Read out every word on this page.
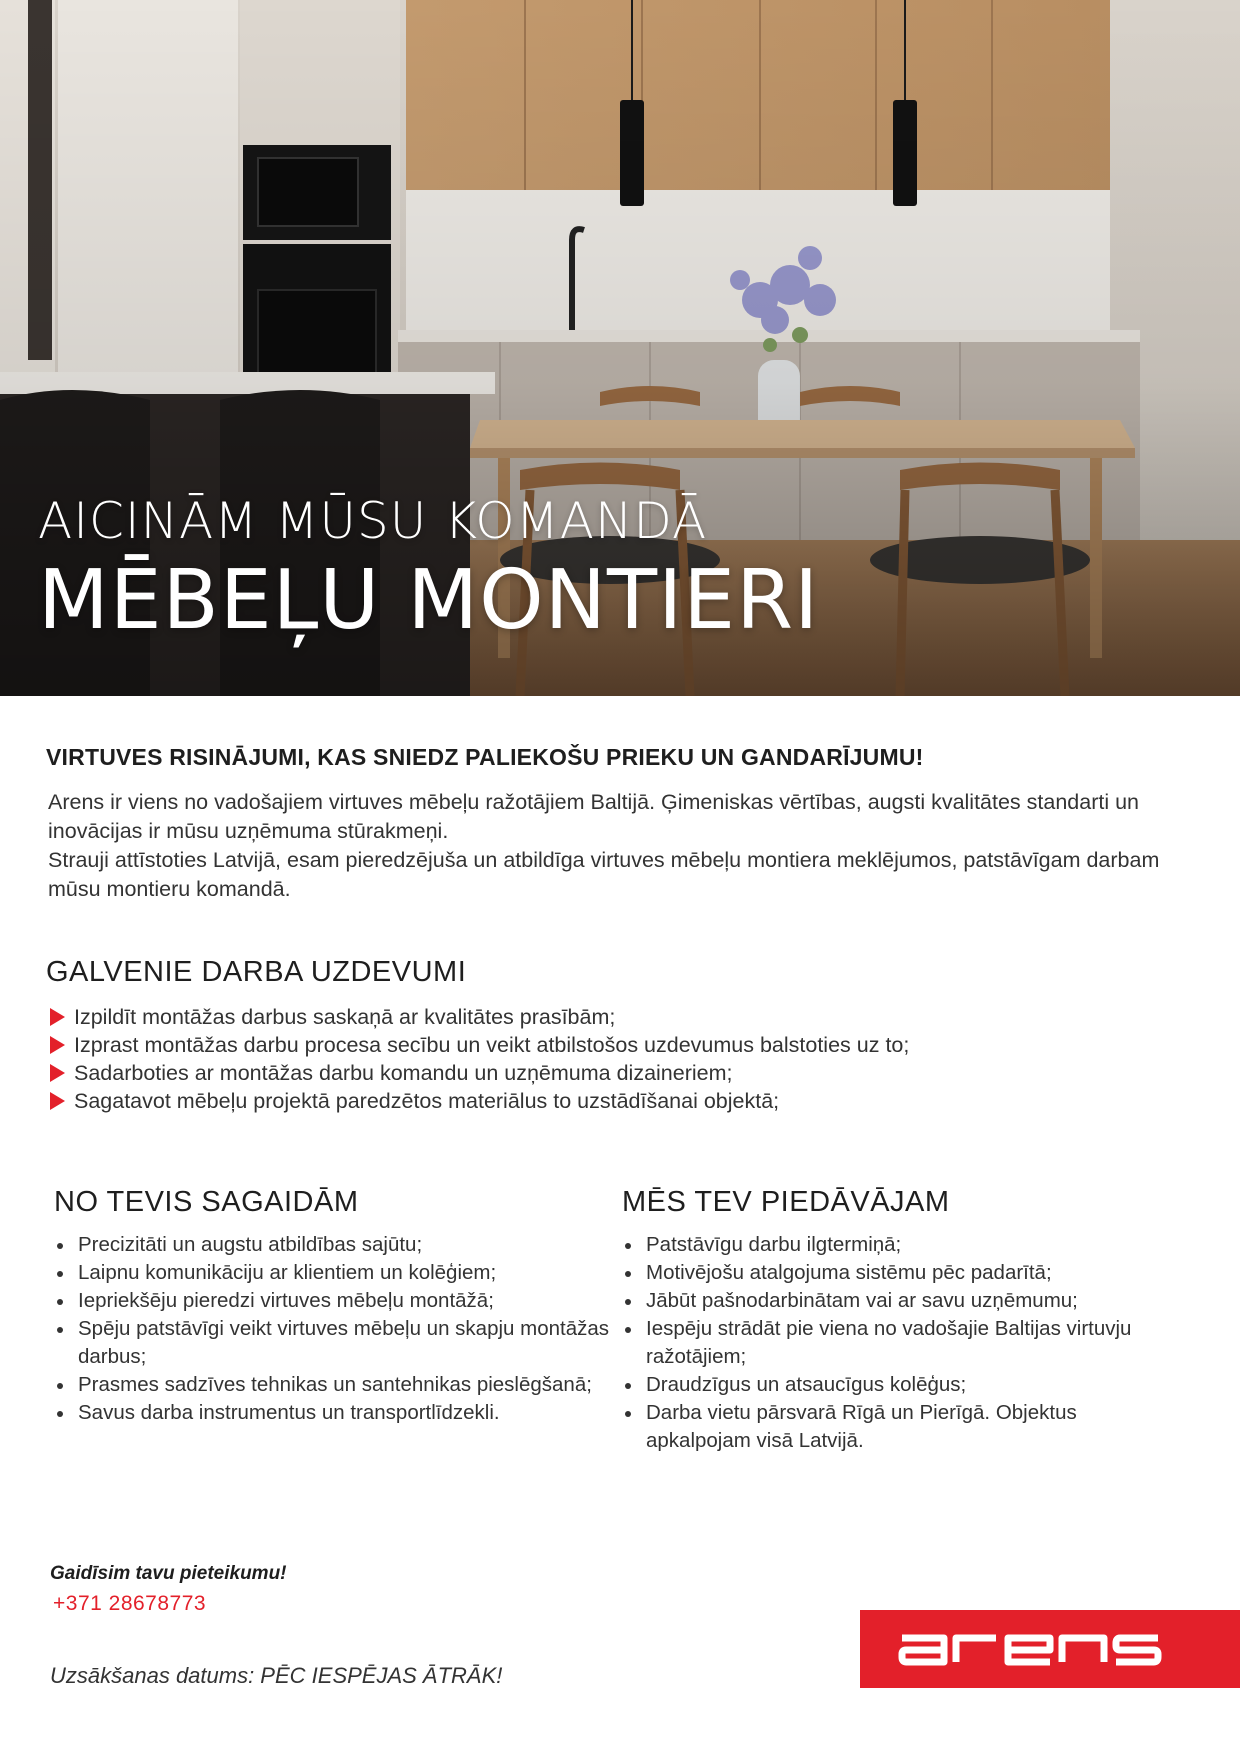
AICINĀM MŪSU KOMANDĀ
MĒBEĻU MONTIERI
VIRTUVES RISINĀJUMI, KAS SNIEDZ PALIEKOŠU PRIEKU UN GANDARĪJUMU!

Arens ir viens no vadošajiem virtuves mēbeļu ražotājiem Baltijā. Ģimeniskas vērtības, augsti kvalitātes standarti un inovācijas ir mūsu uzņēmuma stūrakmeņi.

Strauji attīstoties Latvijā, esam pieredzējuša un atbildīga virtuves mēbeļu montiera meklējumos, patstāvīgam darbam mūsu montieru komandā.

GALVENIE DARBA UZDEVUMI
Izpildīt montāžas darbus saskaņā ar kvalitātes prasībām;
Izprast montāžas darbu procesa secību un veikt atbilstošos uzdevumus balstoties uz to;
Sadarboties ar montāžas darbu komandu un uzņēmuma dizaineriem;
Sagatavot mēbeļu projektā paredzētos materiālus to uzstādīšanai objektā;
NO TEVIS SAGAIDĀM
Precizitāti un augstu atbildības sajūtu;
Laipnu komunikāciju ar klientiem un kolēģiem;
Iepriekšēju pieredzi virtuves mēbeļu montāžā;
Spēju patstāvīgi veikt virtuves mēbeļu un skapju montāžas darbus;
Prasmes sadzīves tehnikas un santehnikas pieslēgšanā;
Savus darba instrumentus un transportlīdzekli.
MĒS TEV PIEDĀVĀJAM
Patstāvīgu darbu ilgtermiņā;
Motivējošu atalgojuma sistēmu pēc padarītā;
Jābūt pašnodarbinātam vai ar savu uzņēmumu;
Iespēju strādāt pie viena no vadošajie Baltijas virtuvju ražotājiem;
Draudzīgus un atsaucīgus kolēģus;
Darba vietu pārsvarā Rīgā un Pierīgā. Objektus apkalpojam visā Latvijā.
Gaidīsim tavu pieteikumu!
+371 28678773
Uzsākšanas datums: PĒC IESPĒJAS ĀTRĀK!
